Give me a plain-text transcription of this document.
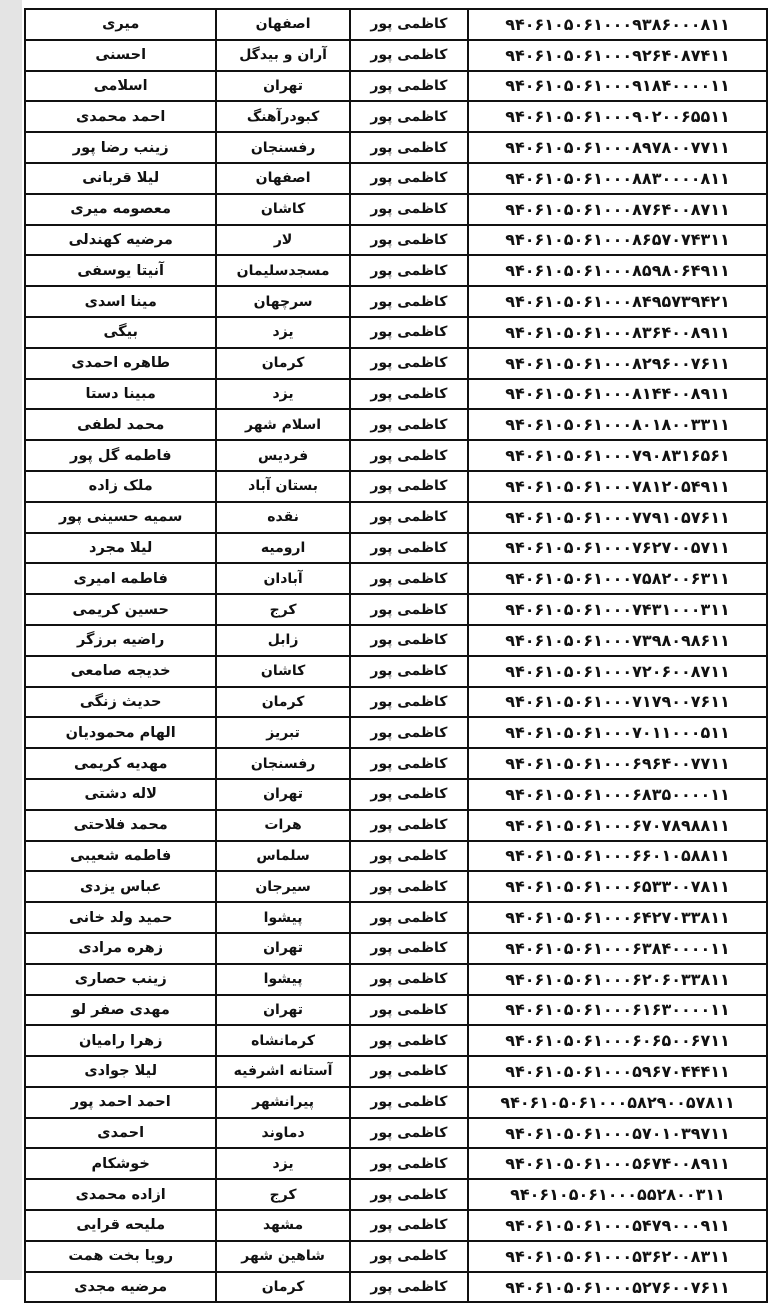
میری	اصفهان	کاظمی پور	۹۴۰۶۱۰۵۰۶۱۰۰۰۹۳۸۶۰۰۰۸۱۱
احسنی	آران و بیدگل	کاظمی پور	۹۴۰۶۱۰۵۰۶۱۰۰۰۹۲۶۴۰۸۷۴۱۱
اسلامی	تهران	کاظمی پور	۹۴۰۶۱۰۵۰۶۱۰۰۰۹۱۸۴۰۰۰۰۱۱
احمد محمدی	کبودرآهنگ	کاظمی پور	۹۴۰۶۱۰۵۰۶۱۰۰۰۹۰۲۰۰۶۵۵۱۱
زینب رضا پور	رفسنجان	کاظمی پور	۹۴۰۶۱۰۵۰۶۱۰۰۰۸۹۷۸۰۰۷۷۱۱
لیلا قربانی	اصفهان	کاظمی پور	۹۴۰۶۱۰۵۰۶۱۰۰۰۸۸۳۰۰۰۰۸۱۱
معصومه میری	کاشان	کاظمی پور	۹۴۰۶۱۰۵۰۶۱۰۰۰۸۷۶۴۰۰۸۷۱۱
مرضیه کهندلی	لار	کاظمی پور	۹۴۰۶۱۰۵۰۶۱۰۰۰۸۶۵۷۰۷۴۳۱۱
آنیتا یوسفی	مسجدسلیمان	کاظمی پور	۹۴۰۶۱۰۵۰۶۱۰۰۰۸۵۹۸۰۶۴۹۱۱
مینا اسدی	سرچهان	کاظمی پور	۹۴۰۶۱۰۵۰۶۱۰۰۰۸۴۹۵۷۳۹۴۲۱
بیگی	یزد	کاظمی پور	۹۴۰۶۱۰۵۰۶۱۰۰۰۸۳۶۴۰۰۸۹۱۱
طاهره احمدی	کرمان	کاظمی پور	۹۴۰۶۱۰۵۰۶۱۰۰۰۸۲۹۶۰۰۷۶۱۱
مبینا دستا	یزد	کاظمی پور	۹۴۰۶۱۰۵۰۶۱۰۰۰۸۱۴۴۰۰۸۹۱۱
محمد لطفی	اسلام شهر	کاظمی پور	۹۴۰۶۱۰۵۰۶۱۰۰۰۸۰۱۸۰۰۳۳۱۱
فاطمه گل پور	فردیس	کاظمی پور	۹۴۰۶۱۰۵۰۶۱۰۰۰۷۹۰۸۳۱۶۵۶۱
ملک زاده	بستان آباد	کاظمی پور	۹۴۰۶۱۰۵۰۶۱۰۰۰۷۸۱۲۰۵۴۹۱۱
سمیه حسینی پور	نقده	کاظمی پور	۹۴۰۶۱۰۵۰۶۱۰۰۰۷۷۹۱۰۵۷۶۱۱
لیلا مجرد	ارومیه	کاظمی پور	۹۴۰۶۱۰۵۰۶۱۰۰۰۷۶۲۷۰۰۵۷۱۱
فاطمه امیری	آبادان	کاظمی پور	۹۴۰۶۱۰۵۰۶۱۰۰۰۷۵۸۲۰۰۶۳۱۱
حسین کریمی	کرج	کاظمی پور	۹۴۰۶۱۰۵۰۶۱۰۰۰۷۴۳۱۰۰۰۳۱۱
راضیه برزگر	زابل	کاظمی پور	۹۴۰۶۱۰۵۰۶۱۰۰۰۷۳۹۸۰۹۸۶۱۱
خدیجه صامعی	کاشان	کاظمی پور	۹۴۰۶۱۰۵۰۶۱۰۰۰۷۲۰۶۰۰۸۷۱۱
حدیث زنگی	کرمان	کاظمی پور	۹۴۰۶۱۰۵۰۶۱۰۰۰۷۱۷۹۰۰۷۶۱۱
الهام محمودیان	تبریز	کاظمی پور	۹۴۰۶۱۰۵۰۶۱۰۰۰۷۰۱۱۰۰۰۵۱۱
مهدیه کریمی	رفسنجان	کاظمی پور	۹۴۰۶۱۰۵۰۶۱۰۰۰۶۹۶۴۰۰۷۷۱۱
لاله دشتی	تهران	کاظمی پور	۹۴۰۶۱۰۵۰۶۱۰۰۰۶۸۳۵۰۰۰۰۱۱
محمد فلاحتی	هرات	کاظمی پور	۹۴۰۶۱۰۵۰۶۱۰۰۰۶۷۰۷۸۹۸۸۱۱
فاطمه شعیبی	سلماس	کاظمی پور	۹۴۰۶۱۰۵۰۶۱۰۰۰۶۶۰۱۰۵۸۸۱۱
عباس یزدی	سیرجان	کاظمی پور	۹۴۰۶۱۰۵۰۶۱۰۰۰۶۵۳۳۰۰۷۸۱۱
حمید ولد خانی	پیشوا	کاظمی پور	۹۴۰۶۱۰۵۰۶۱۰۰۰۶۴۲۷۰۳۳۸۱۱
زهره مرادی	تهران	کاظمی پور	۹۴۰۶۱۰۵۰۶۱۰۰۰۶۳۸۴۰۰۰۰۱۱
زینب حصاری	پیشوا	کاظمی پور	۹۴۰۶۱۰۵۰۶۱۰۰۰۶۲۰۶۰۳۳۸۱۱
مهدی صفر لو	تهران	کاظمی پور	۹۴۰۶۱۰۵۰۶۱۰۰۰۶۱۶۳۰۰۰۰۱۱
زهرا رامیان	کرمانشاه	کاظمی پور	۹۴۰۶۱۰۵۰۶۱۰۰۰۶۰۶۵۰۰۶۷۱۱
لیلا جوادی	آستانه اشرفیه	کاظمی پور	۹۴۰۶۱۰۵۰۶۱۰۰۰۵۹۶۷۰۴۴۴۱۱
احمد احمد پور	پیرانشهر	کاظمی پور	۹۴۰۶۱۰۵۰۶۱۰۰۰۵۸۲۹۰۰۵۷۸۱۱
احمدی	دماوند	کاظمی پور	۹۴۰۶۱۰۵۰۶۱۰۰۰۵۷۰۱۰۳۹۷۱۱
خوشکام	یزد	کاظمی پور	۹۴۰۶۱۰۵۰۶۱۰۰۰۵۶۷۴۰۰۸۹۱۱
ازاده محمدی	کرج	کاظمی پور	۹۴۰۶۱۰۵۰۶۱۰۰۰۵۵۲۸۰۰۳۱۱
ملیحه قرایی	مشهد	کاظمی پور	۹۴۰۶۱۰۵۰۶۱۰۰۰۵۴۷۹۰۰۰۹۱۱
رویا بخت همت	شاهین شهر	کاظمی پور	۹۴۰۶۱۰۵۰۶۱۰۰۰۵۳۶۲۰۰۸۳۱۱
مرضیه مجدی	کرمان	کاظمی پور	۹۴۰۶۱۰۵۰۶۱۰۰۰۵۲۷۶۰۰۷۶۱۱
